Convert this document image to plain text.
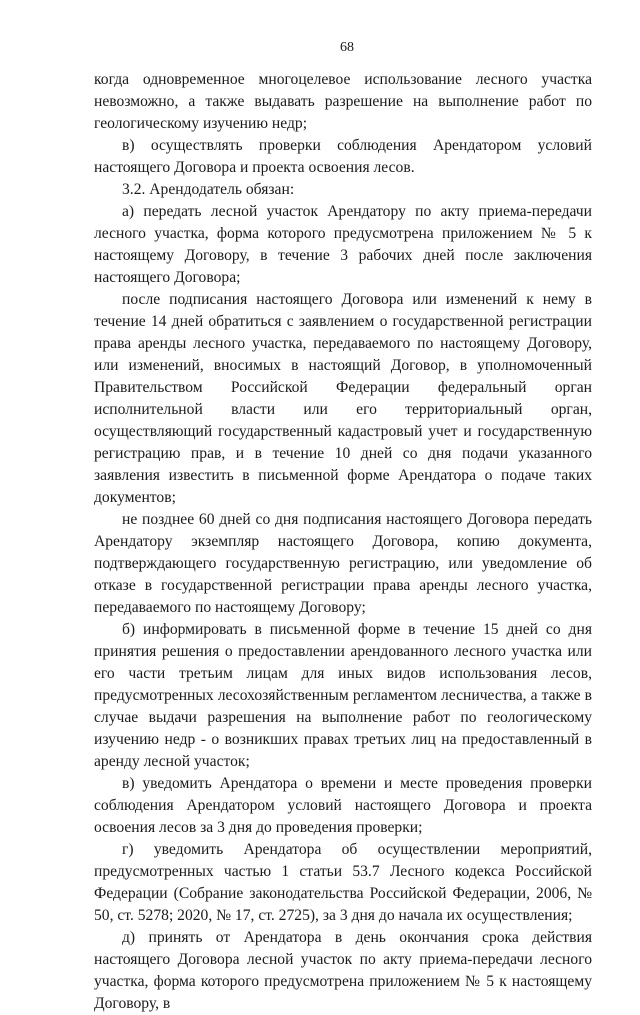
68

когда одновременное многоцелевое использование лесного участка невозможно, а также выдавать разрешение на выполнение работ по геологическому изучению недр;

в) осуществлять проверки соблюдения Арендатором условий настоящего Договора и проекта освоения лесов.

3.2. Арендодатель обязан:

а) передать лесной участок Арендатору по акту приема-передачи лесного участка, форма которого предусмотрена приложением № 5 к настоящему Договору, в течение 3 рабочих дней после заключения настоящего Договора;

после подписания настоящего Договора или изменений к нему в течение 14 дней обратиться с заявлением о государственной регистрации права аренды лесного участка, передаваемого по настоящему Договору, или изменений, вносимых в настоящий Договор, в уполномоченный Правительством Российской Федерации федеральный орган исполнительной власти или его территориальный орган, осуществляющий государственный кадастровый учет и государственную регистрацию прав, и в течение 10 дней со дня подачи указанного заявления известить в письменной форме Арендатора о подаче таких документов;

не позднее 60 дней со дня подписания настоящего Договора передать Арендатору экземпляр настоящего Договора, копию документа, подтверждающего государственную регистрацию, или уведомление об отказе в государственной регистрации права аренды лесного участка, передаваемого по настоящему Договору;

б) информировать в письменной форме в течение 15 дней со дня принятия решения о предоставлении арендованного лесного участка или его части третьим лицам для иных видов использования лесов, предусмотренных лесохозяйственным регламентом лесничества, а также в случае выдачи разрешения на выполнение работ по геологическому изучению недр - о возникших правах третьих лиц на предоставленный в аренду лесной участок;

в) уведомить Арендатора о времени и месте проведения проверки соблюдения Арендатором условий настоящего Договора и проекта освоения лесов за 3 дня до проведения проверки;

г) уведомить Арендатора об осуществлении мероприятий, предусмотренных частью 1 статьи 53.7 Лесного кодекса Российской Федерации (Собрание законодательства Российской Федерации, 2006, № 50, ст. 5278; 2020, № 17, ст. 2725), за 3 дня до начала их осуществления;

д) принять от Арендатора в день окончания срока действия настоящего Договора лесной участок по акту приема-передачи лесного участка, форма которого предусмотрена приложением № 5 к настоящему Договору, в
